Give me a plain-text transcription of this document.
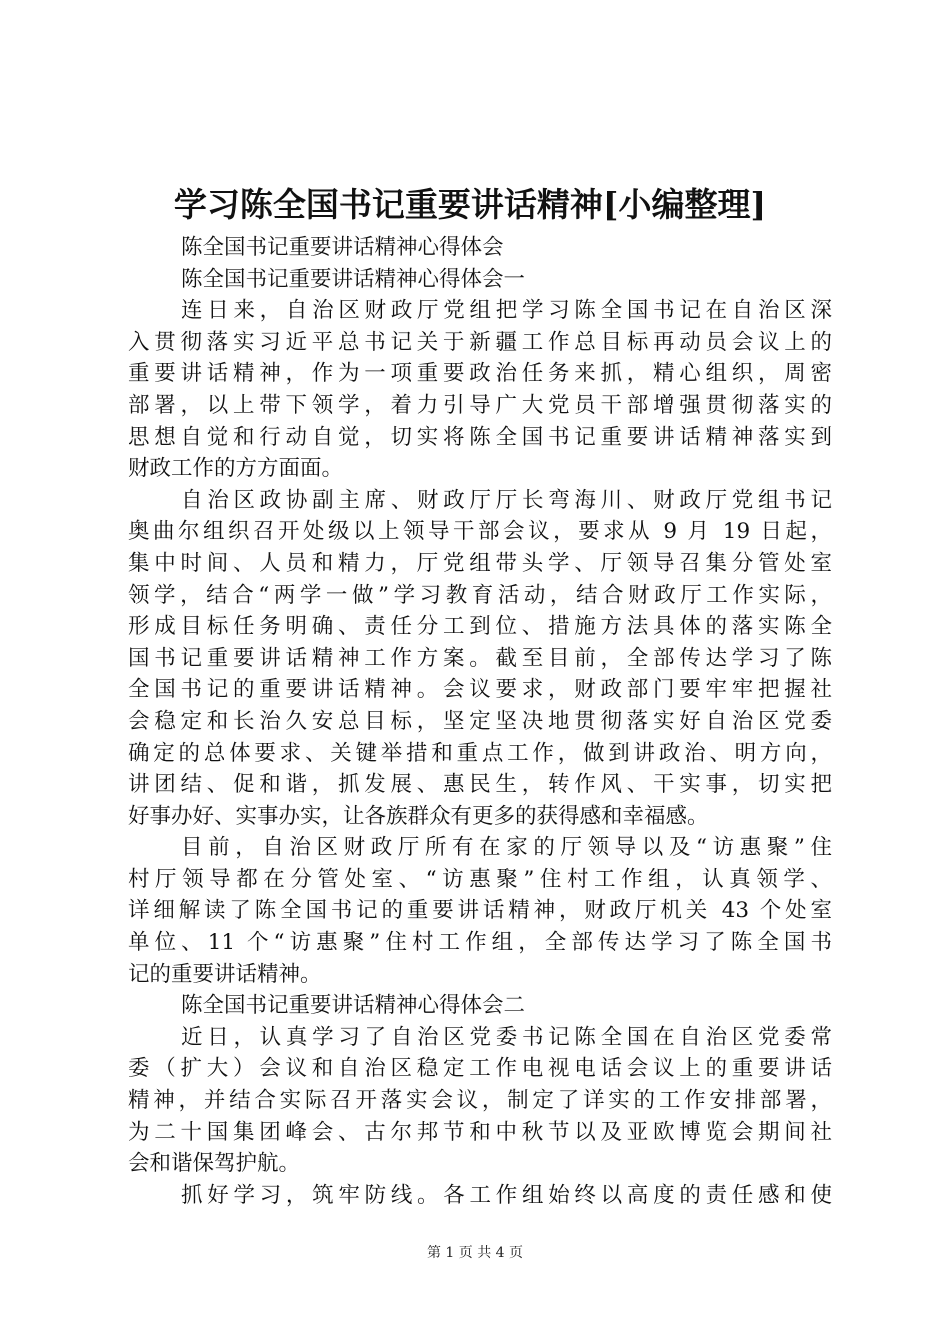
学习陈全国书记重要讲话精神[小编整理]
陈全国书记重要讲话精神心得体会
陈全国书记重要讲话精神心得体会一
连日来，自治区财政厅党组把学习陈全国书记在自治区深
入贯彻落实习近平总书记关于新疆工作总目标再动员会议上的
重要讲话精神，作为一项重要政治任务来抓，精心组织，周密
部署，以上带下领学，着力引导广大党员干部增强贯彻落实的
思想自觉和行动自觉，切实将陈全国书记重要讲话精神落实到
财政工作的方方面面。
自治区政协副主席、财政厅厅长弯海川、财政厅党组书记
奥曲尔组织召开处级以上领导干部会议，要求从 9 月 19 日起，
集中时间、人员和精力，厅党组带头学、厅领导召集分管处室
领学，结合“两学一做”学习教育活动，结合财政厅工作实际，
形成目标任务明确、责任分工到位、措施方法具体的落实陈全
国书记重要讲话精神工作方案。截至目前，全部传达学习了陈
全国书记的重要讲话精神。会议要求，财政部门要牢牢把握社
会稳定和长治久安总目标，坚定坚决地贯彻落实好自治区党委
确定的总体要求、关键举措和重点工作，做到讲政治、明方向，
讲团结、促和谐，抓发展、惠民生，转作风、干实事，切实把
好事办好、实事办实，让各族群众有更多的获得感和幸福感。
目前，自治区财政厅所有在家的厅领导以及“访惠聚”住
村厅领导都在分管处室、“访惠聚”住村工作组，认真领学、
详细解读了陈全国书记的重要讲话精神，财政厅机关 43 个处室
单位、11 个“访惠聚”住村工作组，全部传达学习了陈全国书
记的重要讲话精神。
陈全国书记重要讲话精神心得体会二
近日，认真学习了自治区党委书记陈全国在自治区党委常
委（扩大）会议和自治区稳定工作电视电话会议上的重要讲话
精神，并结合实际召开落实会议，制定了详实的工作安排部署，
为二十国集团峰会、古尔邦节和中秋节以及亚欧博览会期间社
会和谐保驾护航。
抓好学习，筑牢防线。各工作组始终以高度的责任感和使
第 1 页 共 4 页
